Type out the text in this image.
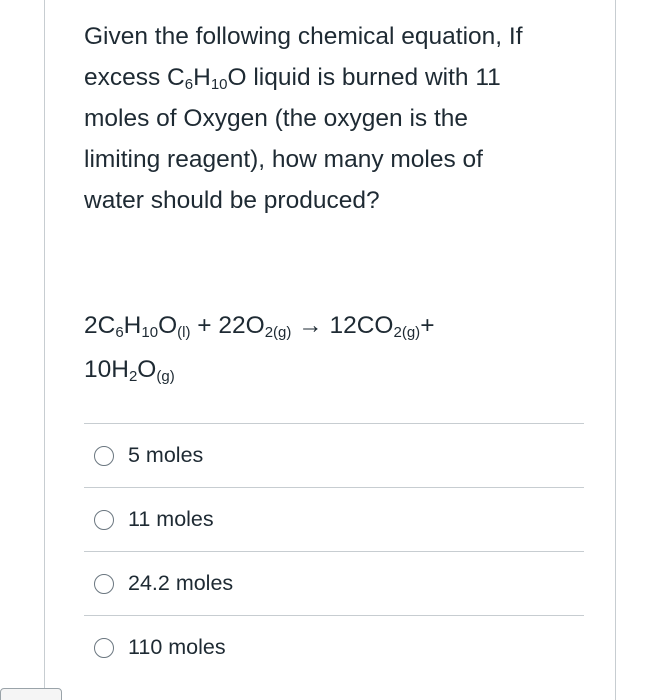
Given the following chemical equation, If
excess $C_6H_{10}O$ liquid is burned with 11
moles of Oxygen (the oxygen is the
limiting reagent), how many moles of
water should be produced?
$2C_6H_{10}O_{(l)} + 22O_{2(g)} \to 12CO_{2(g)}+$
$10H_2O_{(g)}$
5 moles
11 moles
24.2 moles
110 moles
